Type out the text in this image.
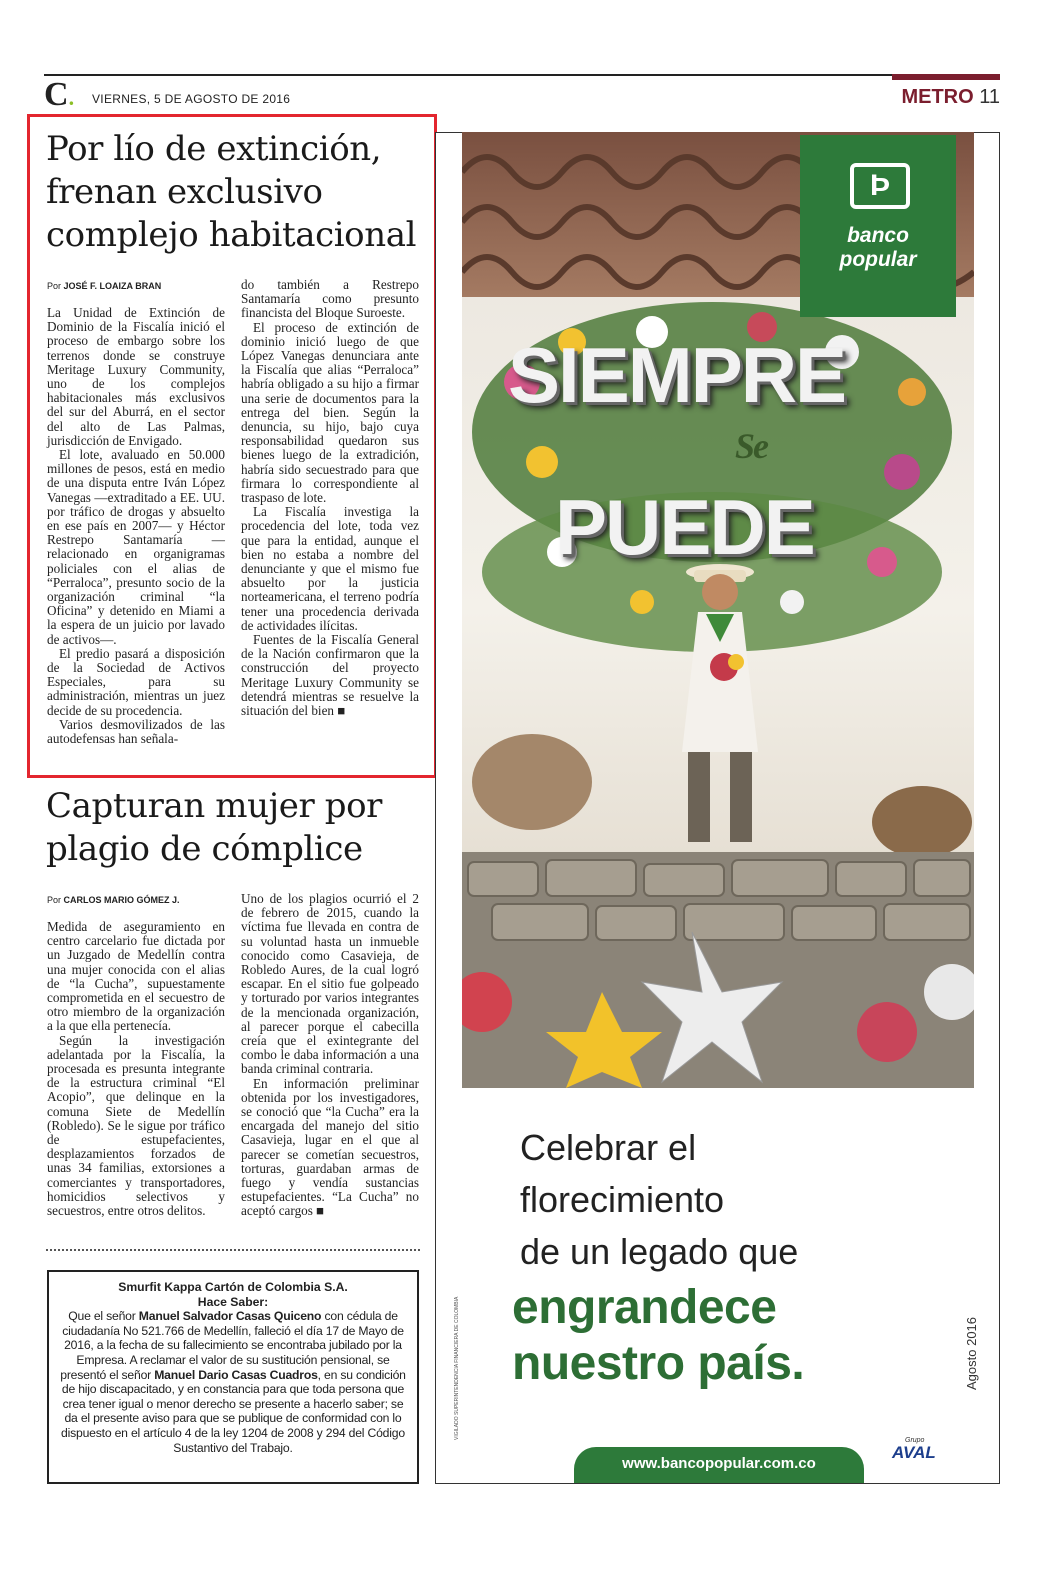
C. VIERNES, 5 DE AGOSTO DE 2016	METRO 11
Por lío de extinción, frenan exclusivo complejo habitacional
Por JOSÉ F. LOAIZA BRAN

La Unidad de Extinción de Dominio de la Fiscalía inició el proceso de embargo sobre los terrenos donde se construye Meritage Luxury Community, uno de los complejos habitacionales más exclusivos del sur del Aburrá, en el sector del alto de Las Palmas, jurisdicción de Envigado.

El lote, avaluado en 50.000 millones de pesos, está en medio de una disputa entre Iván López Vanegas —extraditado a EE. UU. por tráfico de drogas y absuelto en ese país en 2007— y Héctor Restrepo Santamaría —relacionado en organigramas policiales con el alias de “Perraloca”, presunto socio de la organización criminal “la Oficina” y detenido en Miami a la espera de un juicio por lavado de activos—.

El predio pasará a disposición de la Sociedad de Activos Especiales, para su administración, mientras un juez decide de su procedencia.

Varios desmovilizados de las autodefensas han señala-

do también a Restrepo Santamaría como presunto financista del Bloque Suroeste.

El proceso de extinción de dominio inició luego de que López Vanegas denunciara ante la Fiscalía que alias “Perraloca” habría obligado a su hijo a firmar una serie de documentos para la entrega del bien. Según la denuncia, su hijo, bajo cuya responsabilidad quedaron sus bienes luego de la extradición, habría sido secuestrado para que firmara lo correspondiente al traspaso de lote.

La Fiscalía investiga la procedencia del lote, toda vez que para la entidad, aunque el bien no estaba a nombre del denunciante y que el mismo fue absuelto por la justicia norteamericana, el terreno podría tener una procedencia derivada de actividades ilícitas.

Fuentes de la Fiscalía General de la Nación confirmaron que la construcción del proyecto Meritage Luxury Community se detendrá mientras se resuelve la situación del bien ■

Capturan mujer por plagio de cómplice
Por CARLOS MARIO GÓMEZ J.

Medida de aseguramiento en centro carcelario fue dictada por un Juzgado de Medellín contra una mujer conocida con el alias de “la Cucha”, supuestamente comprometida en el secuestro de otro miembro de la organización a la que ella pertenecía.

Según la investigación adelantada por la Fiscalía, la procesada es presunta integrante de la estructura criminal “El Acopio”, que delinque en la comuna Siete de Medellín (Robledo). Se le sigue por tráfico de estupefacientes, desplazamientos forzados de unas 34 familias, extorsiones a comerciantes y transportadores, homicidios selectivos y secuestros, entre otros delitos.

Uno de los plagios ocurrió el 2 de febrero de 2015, cuando la víctima fue llevada en contra de su voluntad hasta un inmueble conocido como Casavieja, de Robledo Aures, de la cual logró escapar. En el sitio fue golpeado y torturado por varios integrantes de la mencionada organización, al parecer porque el cabecilla creía que el exintegrante del combo le daba información a una banda criminal contraria.

En información preliminar obtenida por los investigadores, se conoció que “la Cucha” era la encargada del manejo del sitio Casavieja, lugar en el que al parecer se cometían secuestros, torturas, guardaban armas de fuego y vendía sustancias estupefacientes. “La Cucha” no aceptó cargos ■

Smurfit Kappa Cartón de Colombia S.A.
Hace Saber:
Que el señor Manuel Salvador Casas Quiceno con cédula de ciudadanía No 521.766 de Medellín, falleció el día 17 de Mayo de 2016, a la fecha de su fallecimiento se encontraba jubilado por la Empresa. A reclamar el valor de su sustitución pensional, se presentó el señor Manuel Dario Casas Cuadros, en su condición de hijo discapacitado, y en constancia para que toda persona que crea tener igual o menor derecho se presente a hacerlo saber; se da el presente aviso para que se publique de conformidad con lo dispuesto en el artículo 4 de la ley 1204 de 2008 y 294 del Código Sustantivo del Trabajo.
SIEMPRE
Se
PUEDE
Ϸ
banco
popular
Celebrar el
florecimiento
de un legado que
engrandece
nuestro país.
VIGILADO SUPERINTENDENCIA FINANCIERA DE COLOMBIA	Agosto 2016
www.bancopopular.com.co
Grupo
AVAL
